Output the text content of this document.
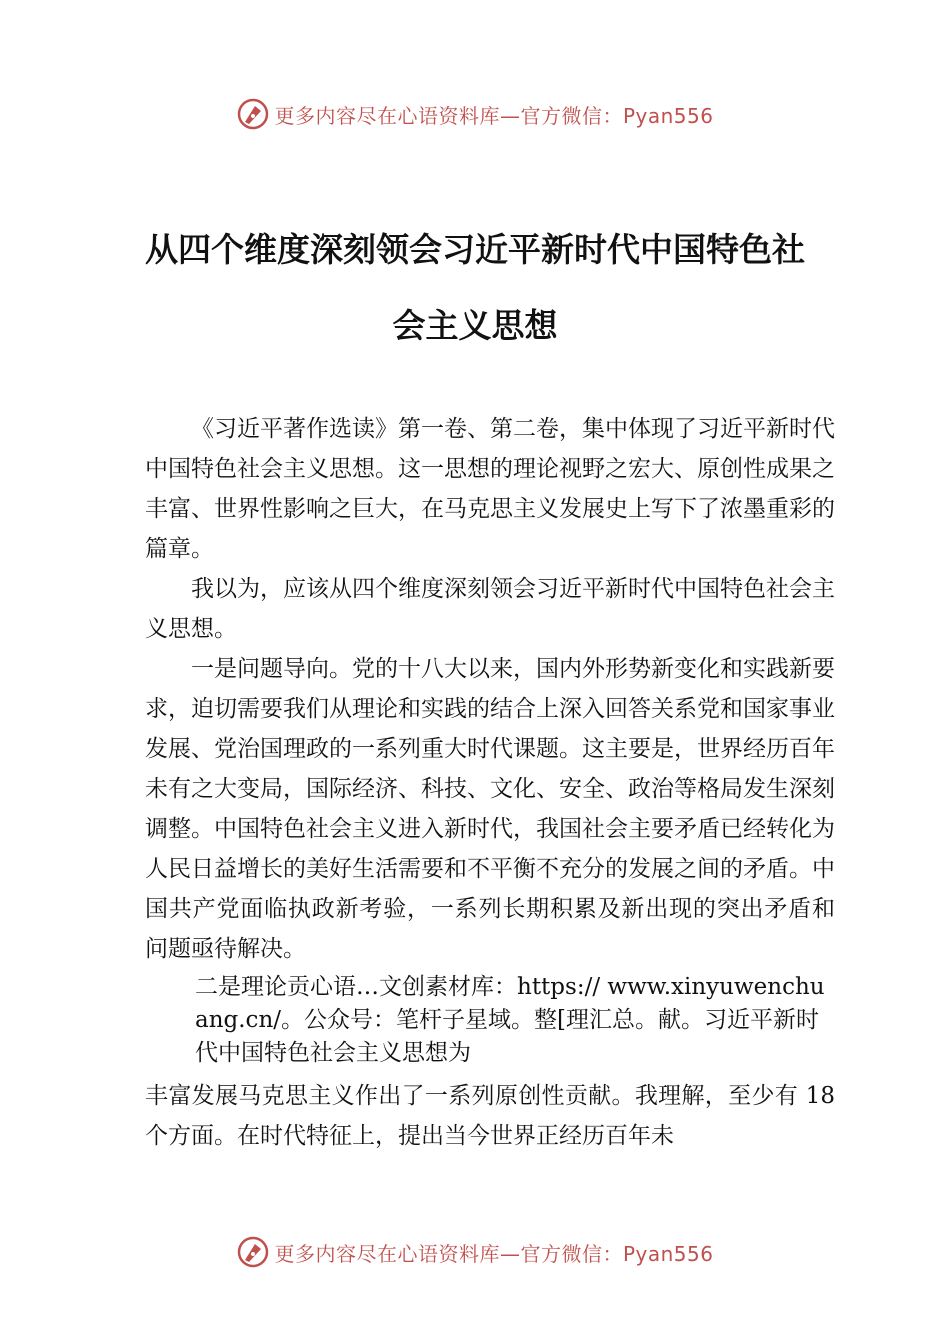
更多内容尽在心语资料库—官方微信：Pyan556
从四个维度深刻领会习近平新时代中国特色社会主义思想

《习近平著作选读》第一卷、第二卷，集中体现了习近平新时代中国特色社会主义思想。这一思想的理论视野之宏大、原创性成果之丰富、世界性影响之巨大，在马克思主义发展史上写下了浓墨重彩的篇章。

我以为，应该从四个维度深刻领会习近平新时代中国特色社会主义思想。

一是问题导向。党的十八大以来，国内外形势新变化和实践新要求，迫切需要我们从理论和实践的结合上深入回答关系党和国家事业发展、党治国理政的一系列重大时代课题。这主要是，世界经历百年未有之大变局，国际经济、科技、文化、安全、政治等格局发生深刻调整。中国特色社会主义进入新时代，我国社会主要矛盾已经转化为人民日益增长的美好生活需要和不平衡不充分的发展之间的矛盾。中国共产党面临执政新考验，一系列长期积累及新出现的突出矛盾和 问题亟待解决。

二是理论贡心语…文创素材库：https:// www.xinyuwenchuang.cn/。公众号：笔杆子星域。整[理汇总。献。习近平新时代中国特色社会主义思想为

丰富发展马克思主义作出了一系列原创性贡献。我理解，至少有 18 个方面。在时代特征上，提出当今世界正经历百年未

更多内容尽在心语资料库—官方微信：Pyan556
